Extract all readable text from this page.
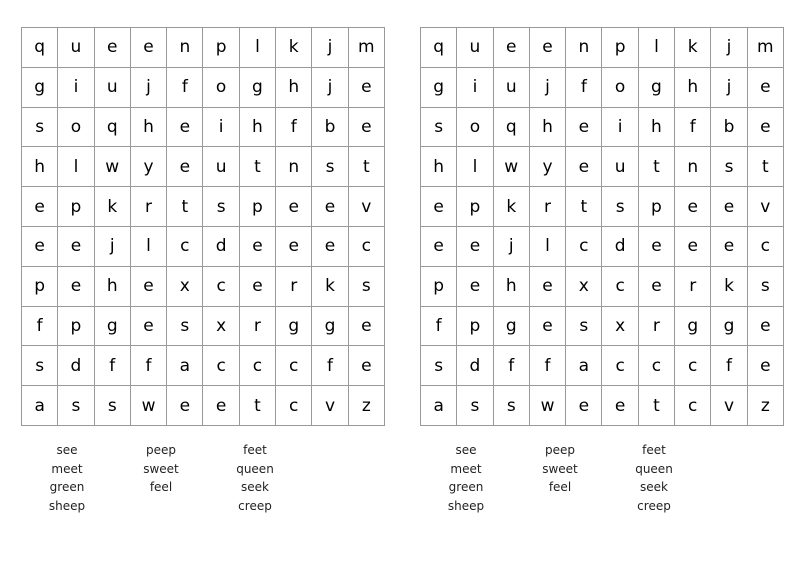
q	u	e	e	n	p	l	k	j	m
g	i	u	j	f	o	g	h	j	e
s	o	q	h	e	i	h	f	b	e
h	l	w	y	e	u	t	n	s	t
e	p	k	r	t	s	p	e	e	v
e	e	j	l	c	d	e	e	e	c
p	e	h	e	x	c	e	r	k	s
f	p	g	e	s	x	r	g	g	e
s	d	f	f	a	c	c	c	f	e
a	s	s	w	e	e	t	c	v	z
see
meet
green
sheep
peep
sweet
feel
feet
queen
seek
creep
q	u	e	e	n	p	l	k	j	m
g	i	u	j	f	o	g	h	j	e
s	o	q	h	e	i	h	f	b	e
h	l	w	y	e	u	t	n	s	t
e	p	k	r	t	s	p	e	e	v
e	e	j	l	c	d	e	e	e	c
p	e	h	e	x	c	e	r	k	s
f	p	g	e	s	x	r	g	g	e
s	d	f	f	a	c	c	c	f	e
a	s	s	w	e	e	t	c	v	z
see
meet
green
sheep
peep
sweet
feel
feet
queen
seek
creep
